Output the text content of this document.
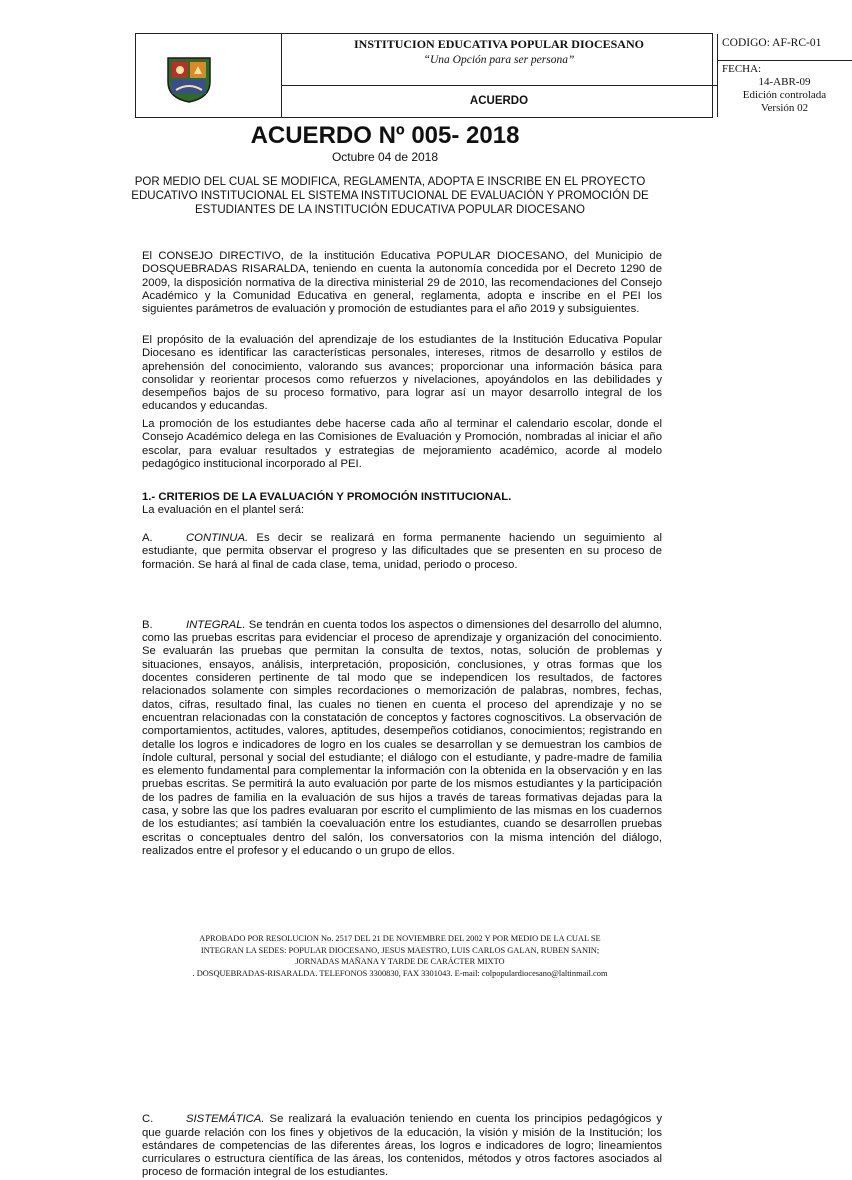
INSTITUCION EDUCATIVA POPULAR DIOCESANO
“Una Opción para ser persona”
ACUERDO
CODIGO: AF-RC-01
FECHA:
14-ABR-09
Edición controlada
Versión 02
ACUERDO Nº 005- 2018
Octubre 04 de 2018
POR MEDIO DEL CUAL SE MODIFICA, REGLAMENTA, ADOPTA E INSCRIBE EN EL PROYECTO EDUCATIVO INSTITUCIONAL EL SISTEMA INSTITUCIONAL DE EVALUACIÓN Y PROMOCIÓN DE ESTUDIANTES DE LA INSTITUCIÓN EDUCATIVA POPULAR DIOCESANO

El CONSEJO DIRECTIVO, de la institución Educativa POPULAR DIOCESANO, del Municipio de DOSQUEBRADAS RISARALDA, teniendo en cuenta la autonomía concedida por el Decreto 1290 de 2009, la disposición normativa de la directiva ministerial 29 de 2010, las recomendaciones del Consejo Académico y la Comunidad Educativa en general, reglamenta, adopta e inscribe en el PEI los siguientes parámetros de evaluación y promoción de estudiantes para el año 2019 y subsiguientes.

El propósito de la evaluación del aprendizaje de los estudiantes de la Institución Educativa Popular Diocesano es identificar las características personales, intereses, ritmos de desarrollo y estilos de aprehensión del conocimiento, valorando sus avances; proporcionar una información básica para consolidar y reorientar procesos como refuerzos y nivelaciones, apoyándolos en las debilidades y desempeños bajos de su proceso formativo, para lograr así un mayor desarrollo integral de los educandos y educandas.

La promoción de los estudiantes debe hacerse cada año al terminar el calendario escolar, donde el Consejo Académico delega en las Comisiones de Evaluación y Promoción, nombradas al iniciar el año escolar, para evaluar resultados y estrategias de mejoramiento académico, acorde al modelo pedagógico institucional incorporado al PEI.

1.- CRITERIOS DE LA EVALUACIÓN Y PROMOCIÓN INSTITUCIONAL.

La evaluación en el plantel será:

A.	CONTINUA. Es decir se realizará en forma permanente haciendo un seguimiento al estudiante, que permita observar el progreso y las dificultades que se presenten en su proceso de formación. Se hará al final de cada clase, tema, unidad, periodo o proceso.

B.	INTEGRAL. Se tendrán en cuenta todos los aspectos o dimensiones del desarrollo del alumno, como las pruebas escritas para evidenciar el proceso de aprendizaje y organización del conocimiento. Se evaluarán las pruebas que permitan la consulta de textos, notas, solución de problemas y situaciones, ensayos, análisis, interpretación, proposición, conclusiones, y otras formas que los docentes consideren pertinente de tal modo que se independicen los resultados, de factores relacionados solamente con simples recordaciones o memorización de palabras, nombres, fechas, datos, cifras, resultado final, las cuales no tienen en cuenta el proceso del aprendizaje y no se encuentran relacionadas con la constatación de conceptos y factores cognoscitivos. La observación de comportamientos, actitudes, valores, aptitudes, desempeños cotidianos, conocimientos; registrando en detalle los logros e indicadores de logro en los cuales se desarrollan y se demuestran los cambios de índole cultural, personal y social del estudiante; el diálogo con el estudiante, y padre-madre de familia es elemento fundamental para complementar la información con la obtenida en la observación y en las pruebas escritas. Se permitirá la auto evaluación por parte de los mismos estudiantes y la participación de los padres de familia en la evaluación de sus hijos a través de tareas formativas dejadas para la casa, y sobre las que los padres evaluaran por escrito el cumplimiento de las mismas en los cuadernos de los estudiantes; así también la coevaluación entre los estudiantes, cuando se desarrollen pruebas escritas o conceptuales dentro del salón, los conversatorios con la misma intención del diálogo, realizados entre el profesor y el educando o un grupo de ellos.

C.	SISTEMÁTICA. Se realizará la evaluación teniendo en cuenta los principios pedagógicos y que guarde relación con los fines y objetivos de la educación, la visión y misión de la Institución; los estándares de competencias de las diferentes áreas, los logros e indicadores de logro; lineamientos curriculares o estructura científica de las áreas, los contenidos, métodos y otros factores asociados al proceso de formación integral de los estudiantes.

APROBADO POR RESOLUCION No. 2517 DEL 21 DE NOVIEMBRE DEL 2002 Y POR MEDIO DE LA CUAL SE
INTEGRAN LA SEDES: POPULAR DIOCESANO, JESUS MAESTRO, LUIS CARLOS GALAN, RUBEN SANIN;
JORNADAS MAÑANA Y TARDE DE CARÁCTER MIXTO
. DOSQUEBRADAS-RISARALDA. TELEFONOS 3300830, FAX 3301043. E-mail: colpopulardiocesano@laltinmail.com
